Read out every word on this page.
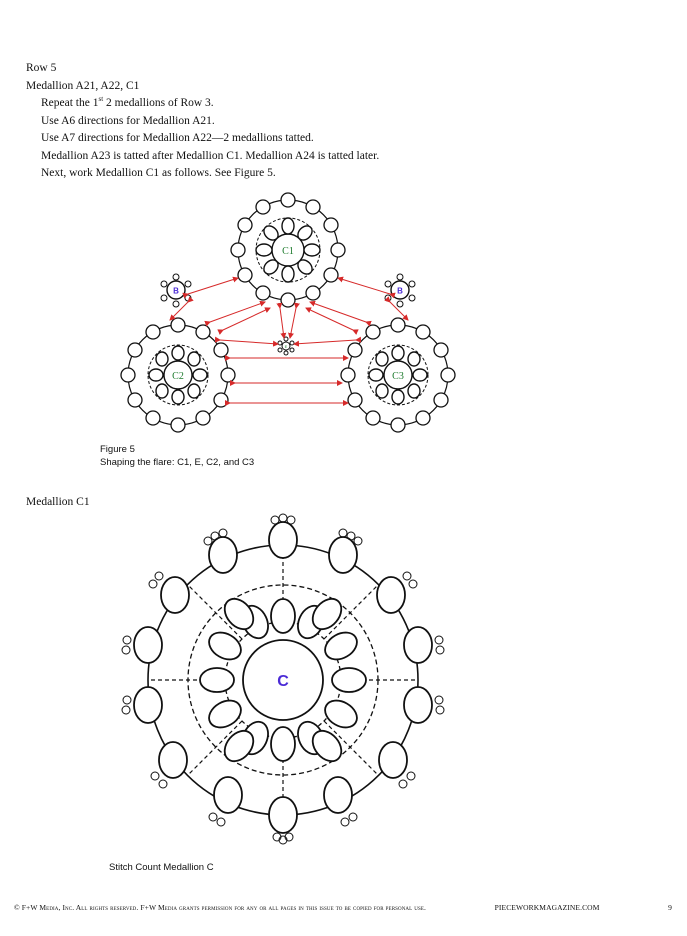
Row 5
Medallion A21, A22, C1
Repeat the 1st 2 medallions of Row 3.
Use A6 directions for Medallion A21.
Use A7 directions for Medallion A22—2 medallions tatted.
Medallion A23 is tatted after Medallion C1. Medallion A24 is tatted later.
Next, work Medallion C1 as follows. See Figure 5.
C1
B	B
C2	C3
E
Figure 5
Shaping the flare: C1, E, C2, and C3
Medallion C1
C
Stitch Count Medallion C
© F+W Media, Inc. All rights reserved. F+W Media grants permission for any or all pages in this issue to be copied for personal use.	PIECEWORKMAGAZINE.COM	9
